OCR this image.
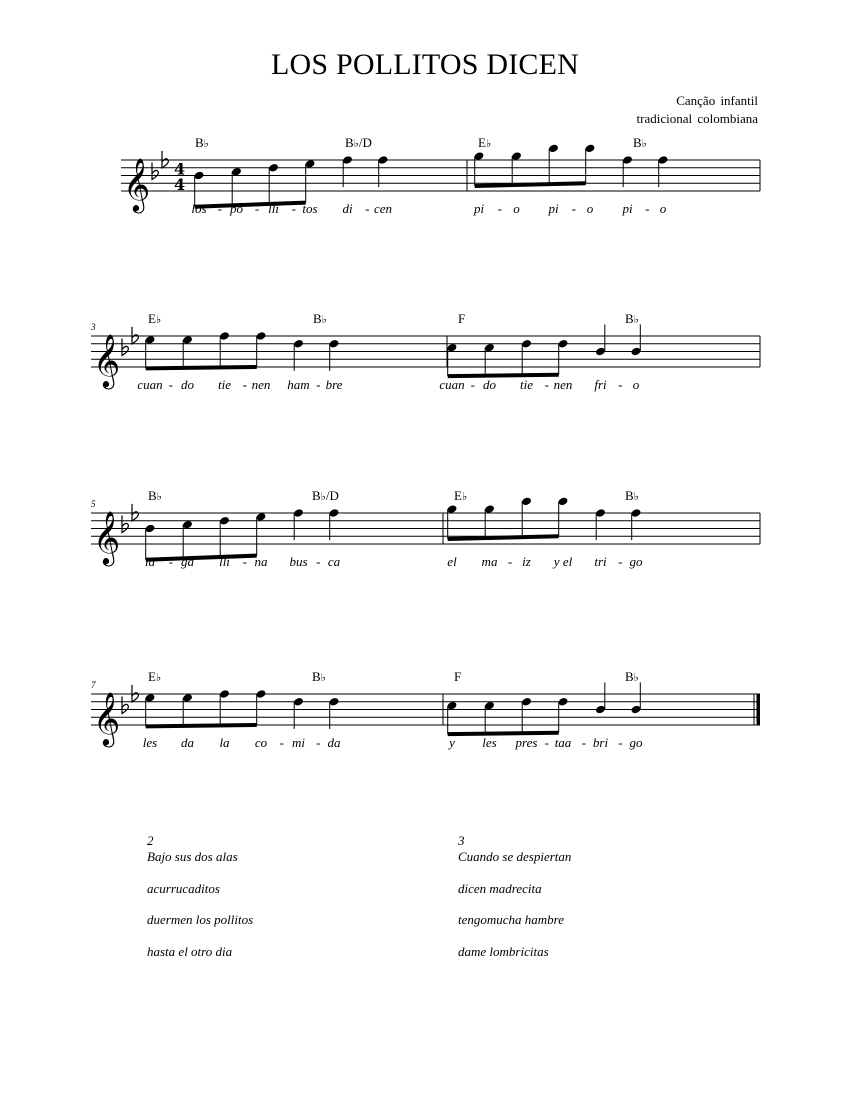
LOS POLLITOS DICEN
Canção infantil
tradicional colombiana
𝄞 4
4
𝄞
𝄞
𝄞
B♭	B♭/D	E♭	B♭
los - po - lli - tos di - cen	pi - o pi - o pi - o
3
E♭	B♭	F	B♭
cuan - do tie - nen ham - bre	cuan - do tie - nen fri - o
5
B♭	B♭/D	E♭	B♭
la - ga lli - na bus - ca	el ma - iz y el tri - go
7
E♭	B♭	F	B♭
les da la co - mi - da	y les pres - taa - bri - go
2
Bajo sus dos alas
acurrucaditos
duermen los pollitos
hasta el otro dia
3
Cuando se despiertan
dicen madrecita
tengomucha hambre
dame lombricitas
